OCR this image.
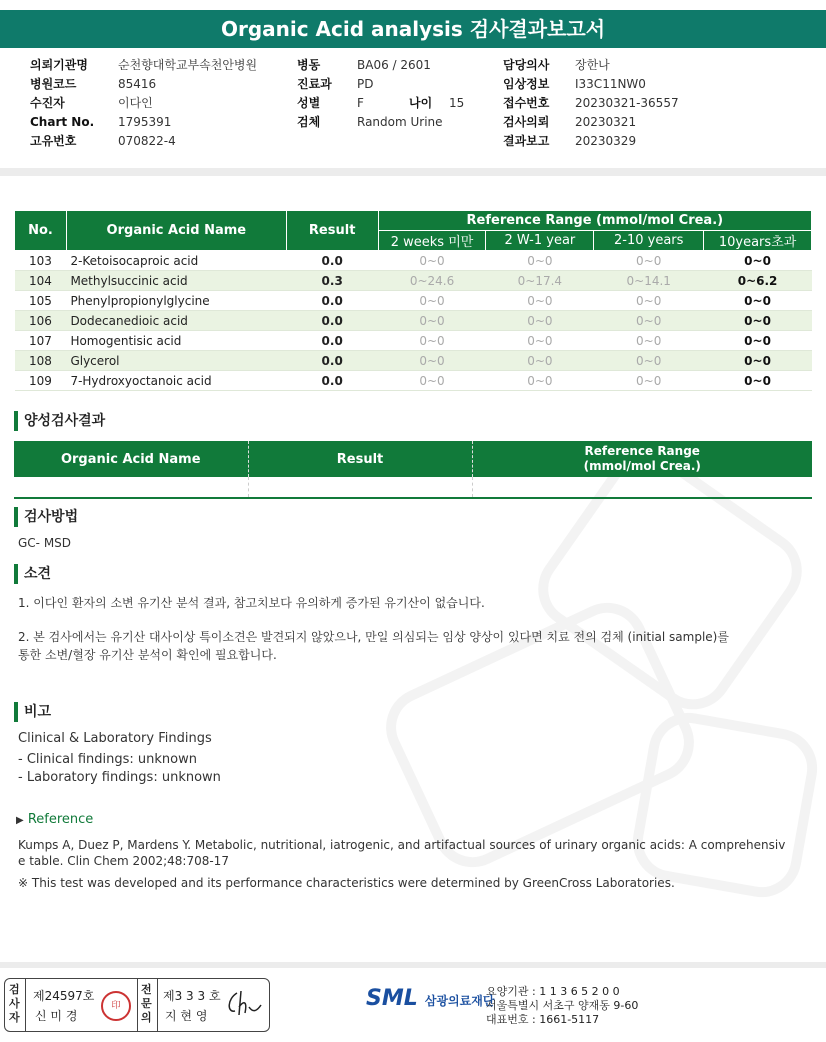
Organic Acid analysis 검사결과보고서
의뢰기관명	순천향대학교부속천안병원
병원코드	85416
수진자	이다인
Chart No. 1795391
고유번호	070822-4
병동	BA06 / 2601
진료과 PD
성별	F	나이 15
검체	Random Urine
담당의사 장한나
임상정보 I33C11NW0
접수번호 20230321-36557
검사의뢰 20230321
결과보고 20230329
No.	Organic Acid Name	Result	Reference Range (mmol/mol Crea.)			
			2 weeks 미만	2 W-1 year	2-10 years	10years초과
103	2-Ketoisocaproic acid	0.0	0~0	0~0	0~0	0~0
104	Methylsuccinic acid	0.3	0~24.6	0~17.4	0~14.1	0~6.2
105	Phenylpropionylglycine	0.0	0~0	0~0	0~0	0~0
106	Dodecanedioic acid	0.0	0~0	0~0	0~0	0~0
107	Homogentisic acid	0.0	0~0	0~0	0~0	0~0
108	Glycerol	0.0	0~0	0~0	0~0	0~0
109	7-Hydroxyoctanoic acid	0.0	0~0	0~0	0~0	0~0
양성검사결과
Organic Acid Name	Result	Reference Range
(mmol/mol Crea.)

검사방법
GC- MSD
소견
1. 이다인 환자의 소변 유기산 분석 결과, 참고치보다 유의하게 증가된 유기산이 없습니다.
2. 본 검사에서는 유기산 대사이상 특이소견은 발견되지 않았으나, 만일 의심되는 임상 양상이 있다면 치료 전의 검체 (initial sample)를
통한 소변/혈장 유기산 분석이 확인에 필요합니다.
비고
Clinical & Laboratory Findings
- Clinical findings: unknown
- Laboratory findings: unknown
▶ Reference
Kumps A, Duez P, Mardens Y. Metabolic, nutritional, iatrogenic, and artifactual sources of urinary organic acids: A comprehensiv
e table. Clin Chem 2002;48:708-17
※ This test was developed and its performance characteristics were determined by GreenCross Laboratories.
검사자
제24597호
신 미 경
印
전문의
제3 3 3 호
지 현 영
SML 삼광의료재단
요양기관 : 1 1 3 6 5 2 0 0
서울특별시 서초구 양재동 9-60
대표번호 : 1661-5117
